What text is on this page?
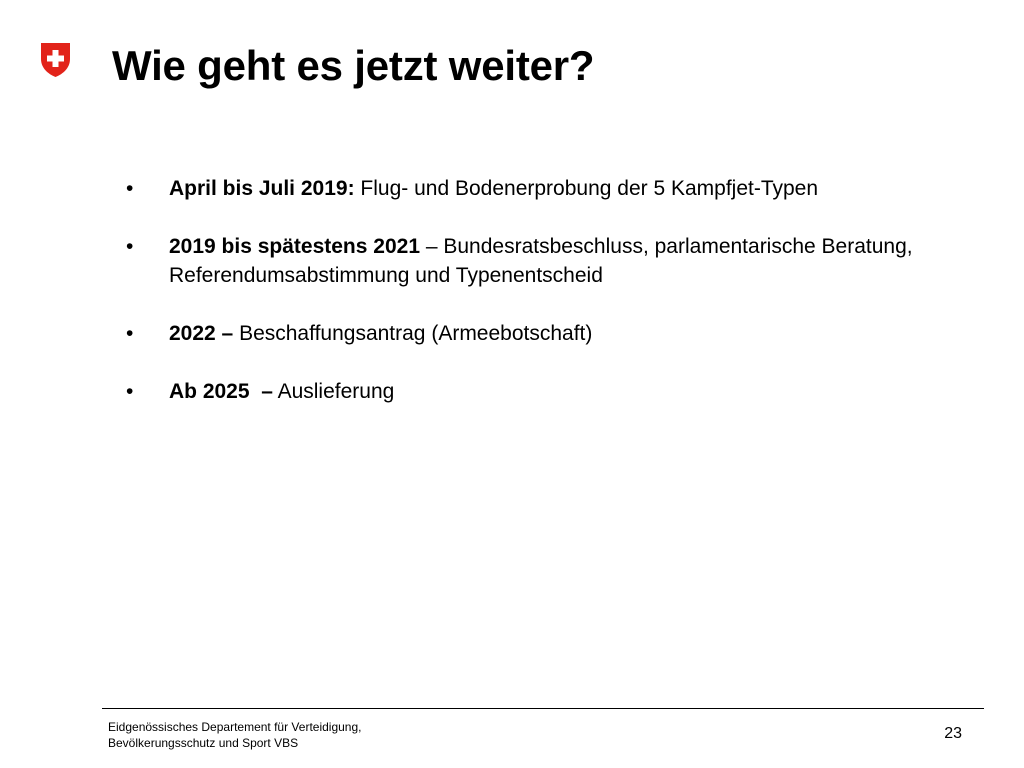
Wie geht es jetzt weiter?
•	April bis Juli 2019: Flug- und Bodenerprobung der 5 Kampfjet-Typen
•	2019 bis spätestens 2021 – Bundesratsbeschluss, parlamentarische Beratung, Referendumsabstimmung und Typenentscheid
•	2022 – Beschaffungsantrag (Armeebotschaft)
•	Ab 2025  – Auslieferung
Eidgenössisches Departement für Verteidigung,
Bevölkerungsschutz und Sport VBS
23
